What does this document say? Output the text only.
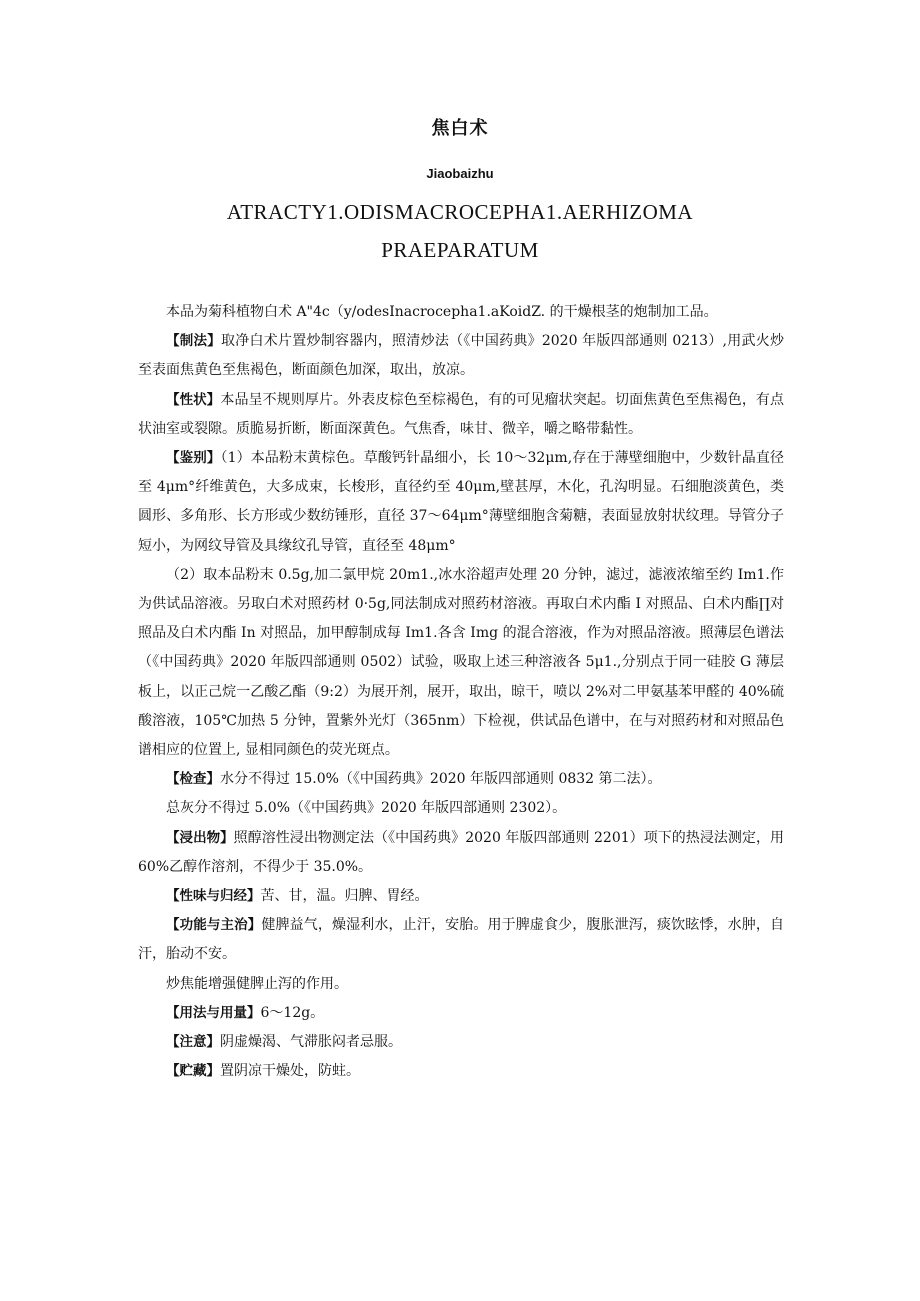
焦白术
Jiaobaizhu
ATRACTY1.ODISMACROCEPHA1.AERHIZOMA
PRAEPARATUM

本品为菊科植物白术 A"4c（y∕odesInacrocepha1.aKoidZ. 的干燥根茎的炮制加工品。

【制法】取净白术片置炒制容器内，照清炒法（《中国药典》2020 年版四部通则 0213）,用武火炒至表面焦黄色至焦褐色，断面颜色加深，取出，放凉。

【性状】本品呈不规则厚片。外表皮棕色至棕褐色，有的可见瘤状突起。切面焦黄色至焦褐色，有点状油室或裂隙。质脆易折断，断面深黄色。气焦香，味甘、微辛，嚼之略带黏性。

【鉴别】（1）本品粉末黄棕色。草酸钙针晶细小，长 10～32μm,存在于薄壁细胞中，少数针晶直径至 4μm°纤维黄色，大多成束，长梭形，直径约至 40μm,壁甚厚，木化，孔沟明显。石细胞淡黄色，类圆形、多角形、长方形或少数纺锤形，直径 37～64μm°薄壁细胞含菊糖，表面显放射状纹理。导管分子短小，为网纹导管及具缘纹孔导管，直径至 48μm°

（2）取本品粉末 0.5g,加二氯甲烷 20m1.,冰水浴超声处理 20 分钟，滤过，滤液浓缩至约 Im1.作为供试品溶液。另取白术对照药材 0·5g,同法制成对照药材溶液。再取白术内酯 I 对照品、白术内酯∏对照品及白术内酯 In 对照品，加甲醇制成每 Im1.各含 Img 的混合溶液，作为对照品溶液。照薄层色谱法（《中国药典》2020 年版四部通则 0502）试验，吸取上述三种溶液各 5μ1.,分别点于同一硅胶 G 薄层板上，以正己烷一乙酸乙酯（9:2）为展开剂，展开，取出，晾干，喷以 2%对二甲氨基苯甲醛的 40%硫酸溶液，105℃加热 5 分钟，置紫外光灯（365nm）下检视，供试品色谱中，在与对照药材和对照品色谱相应的位置上, 显相同颜色的荧光斑点。

【检查】水分不得过 15.0%（《中国药典》2020 年版四部通则 0832 第二法）。

总灰分不得过 5.0%（《中国药典》2020 年版四部通则 2302）。

【浸出物】照醇溶性浸出物测定法（《中国药典》2020 年版四部通则 2201）项下的热浸法测定，用 60%乙醇作溶剂，不得少于 35.0%。

【性味与归经】苦、甘，温。归脾、胃经。

【功能与主治】健脾益气，燥湿利水，止汗，安胎。用于脾虚食少，腹胀泄泻，痰饮眩悸，水肿，自汗，胎动不安。

炒焦能增强健脾止泻的作用。

【用法与用量】6～12g。

【注意】阴虚燥渴、气滞胀闷者忌服。

【贮藏】置阴凉干燥处，防蛀。
